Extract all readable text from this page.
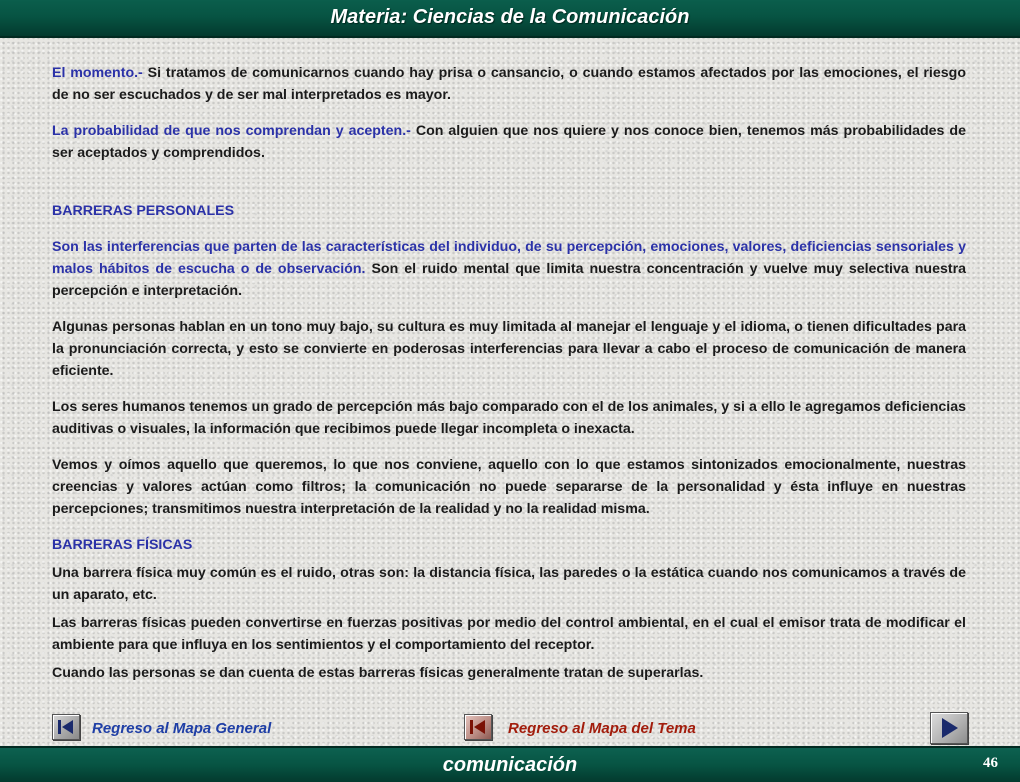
Materia: Ciencias de la Comunicación

El momento.- Si tratamos de comunicarnos cuando hay prisa o cansancio, o cuando estamos afectados por las emociones, el riesgo de no ser escuchados y de ser mal interpretados es mayor.

La probabilidad de que nos comprendan y acepten.- Con alguien que nos quiere y nos conoce bien, tenemos más probabilidades de ser aceptados y comprendidos.

BARRERAS PERSONALES

Son las interferencias que parten de las características del individuo, de su percepción, emociones, valores, deficiencias sensoriales y malos hábitos de escucha o de observación. Son el ruido mental que limita nuestra concentración y vuelve muy selectiva nuestra percepción e interpretación.

Algunas personas hablan en un tono muy bajo, su cultura es muy limitada al manejar el lenguaje y el idioma, o tienen dificultades para la pronunciación correcta, y esto se convierte en poderosas interferencias para llevar a cabo el proceso de comunicación de manera eficiente.

Los seres humanos tenemos un grado de percepción más bajo comparado con el de los animales, y si a ello le agregamos deficiencias auditivas o visuales, la información que recibimos puede llegar incompleta o inexacta.

Vemos y oímos aquello que queremos, lo que nos conviene, aquello con lo que estamos sintonizados emocionalmente, nuestras creencias y valores actúan como filtros; la comunicación no puede separarse de la personalidad y ésta influye en nuestras percepciones; transmitimos nuestra interpretación de la realidad y no la realidad misma.

BARRERAS FÍSICAS

Una barrera física muy común es el ruido, otras son: la distancia física, las paredes o la estática cuando nos comunicamos a través de un aparato, etc.

Las barreras físicas pueden convertirse en fuerzas positivas por medio del control ambiental, en el cual el emisor trata de modificar el ambiente para que influya en los sentimientos y el comportamiento del receptor.

Cuando las personas se dan cuenta de estas barreras físicas generalmente tratan de superarlas.

Regreso al Mapa General	Regreso al Mapa del Tema
comunicación	46
